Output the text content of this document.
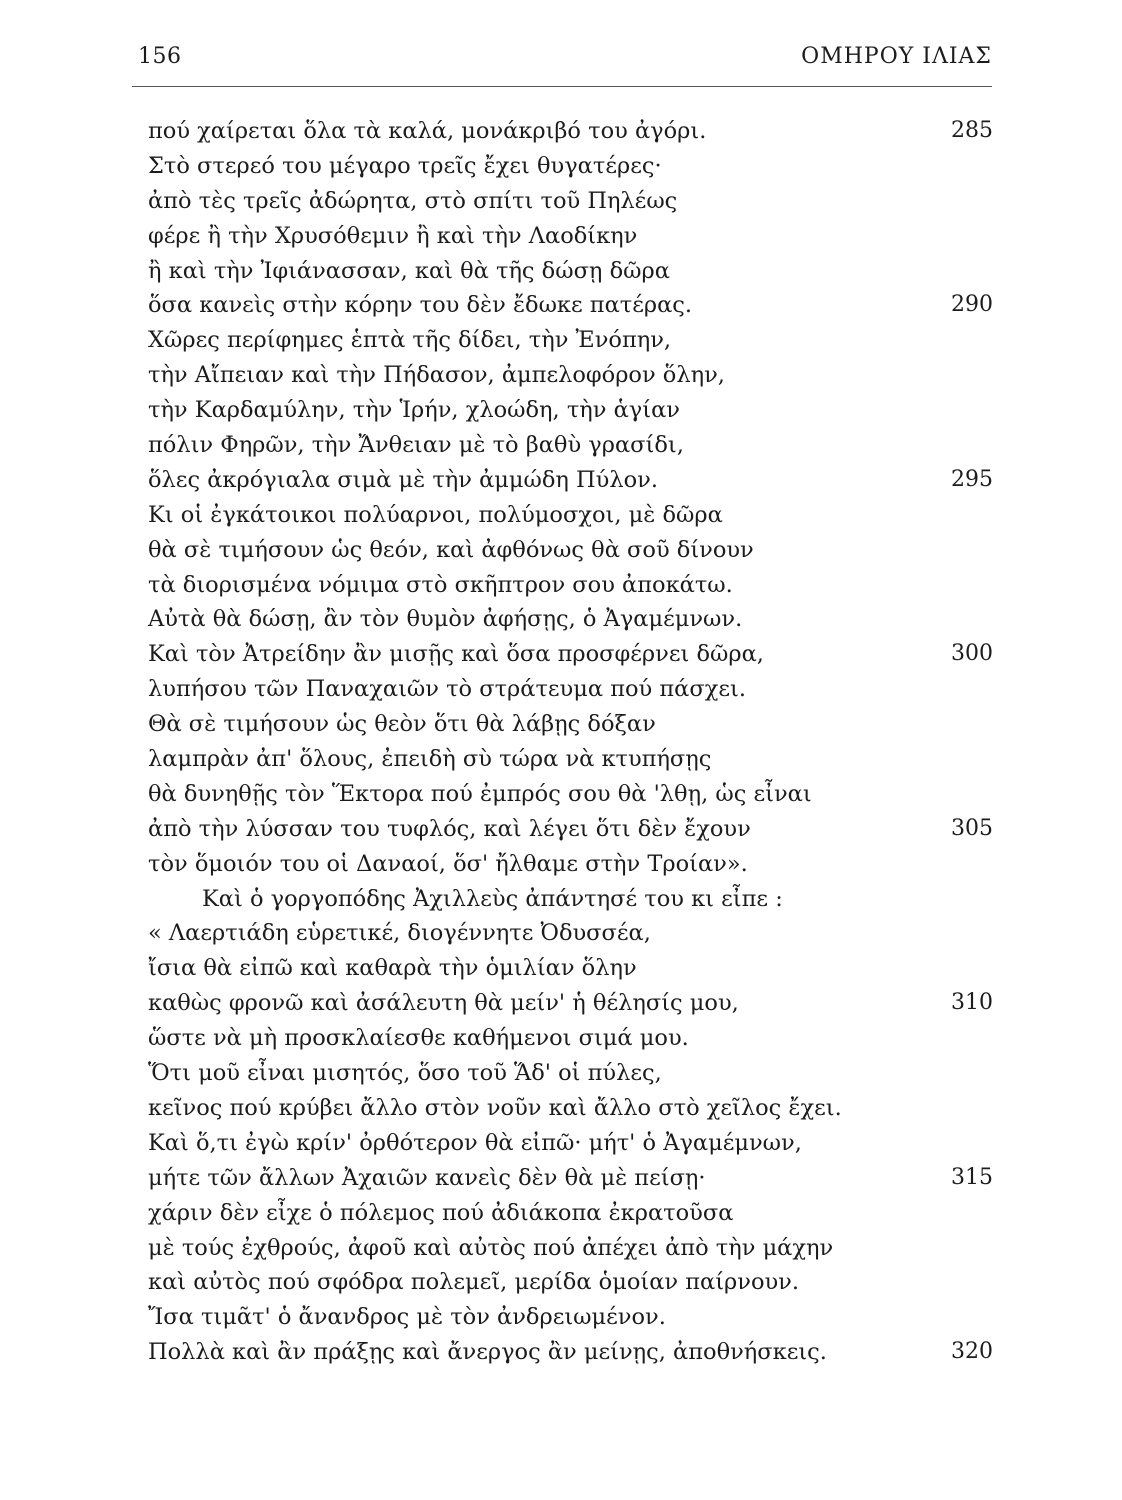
156	ΟΜΗΡΟΥ ΙΛΙΑΣ
πού χαίρεται ὅλα τὰ καλά, μονάκριβό του ἀγόρι.	285
Στὸ στερεό του μέγαρο τρεῖς ἔχει θυγατέρες·
ἀπὸ τὲς τρεῖς ἀδώρητα, στὸ σπίτι τοῦ Πηλέως
φέρε ἢ τὴν Χρυσόθεμιν ἢ καὶ τὴν Λαοδίκην
ἢ καὶ τὴν Ἰφιάνασσαν, καὶ θὰ τῆς δώσῃ δῶρα
ὅσα κανεὶς στὴν κόρην του δὲν ἔδωκε πατέρας.	290
Χῶρες περίφημες ἑπτὰ τῆς δίδει, τὴν Ἐνόπην,
τὴν Αἴπειαν καὶ τὴν Πήδασον, ἀμπελοφόρον ὅλην,
τὴν Καρδαμύλην, τὴν Ἱρήν, χλοώδη, τὴν ἁγίαν
πόλιν Φηρῶν, τὴν Ἄνθειαν μὲ τὸ βαθὺ γρασίδι,
ὅλες ἀκρόγιαλα σιμὰ μὲ τὴν ἀμμώδη Πύλον.	295
Κι οἱ ἐγκάτοικοι πολύαρνοι, πολύμοσχοι, μὲ δῶρα
θὰ σὲ τιμήσουν ὡς θεόν, καὶ ἀφθόνως θὰ σοῦ δίνουν
τὰ διορισμένα νόμιμα στὸ σκῆπτρον σου ἀποκάτω.
Αὐτὰ θὰ δώσῃ, ἂν τὸν θυμὸν ἀφήσῃς, ὁ Ἀγαμέμνων.
Καὶ τὸν Ἀτρείδην ἂν μισῇς καὶ ὅσα προσφέρνει δῶρα,	300
λυπήσου τῶν Παναχαιῶν τὸ στράτευμα πού πάσχει.
Θὰ σὲ τιμήσουν ὡς θεὸν ὅτι θὰ λάβῃς δόξαν
λαμπρὰν ἀπ' ὅλους, ἐπειδὴ σὺ τώρα νὰ κτυπήσῃς
θὰ δυνηθῇς τὸν Ἕκτορα πού ἐμπρός σου θὰ 'λθῃ, ὡς εἶναι
ἀπὸ τὴν λύσσαν του τυφλός, καὶ λέγει ὅτι δὲν ἔχουν	305
τὸν ὅμοιόν του οἱ Δαναοί, ὅσ' ἤλθαμε στὴν Τροίαν».
Καὶ ὁ γοργοπόδης Ἀχιλλεὺς ἀπάντησέ του κι εἶπε :
« Λαερτιάδη εὑρετικέ, διογέννητε Ὀδυσσέα,
ἴσια θὰ εἰπῶ καὶ καθαρὰ τὴν ὁμιλίαν ὅλην
καθὼς φρονῶ καὶ ἀσάλευτη θὰ μείν' ἡ θέλησίς μου,	310
ὥστε νὰ μὴ προσκλαίεσθε καθήμενοι σιμά μου.
Ὅτι μοῦ εἶναι μισητός, ὅσο τοῦ Ἅδ' οἱ πύλες,
κεῖνος πού κρύβει ἄλλο στὸν νοῦν καὶ ἄλλο στὸ χεῖλος ἔχει.
Καὶ ὅ,τι ἐγὼ κρίν' ὀρθότερον θὰ εἰπῶ· μήτ' ὁ Ἀγαμέμνων,
μήτε τῶν ἄλλων Ἀχαιῶν κανεὶς δὲν θὰ μὲ πείσῃ·	315
χάριν δὲν εἶχε ὁ πόλεμος πού ἀδιάκοπα ἐκρατοῦσα
μὲ τούς ἐχθρούς, ἀφοῦ καὶ αὐτὸς πού ἀπέχει ἀπὸ τὴν μάχην
καὶ αὐτὸς πού σφόδρα πολεμεῖ, μερίδα ὁμοίαν παίρνουν.
Ἴσα τιμᾶτ' ὁ ἄνανδρος μὲ τὸν ἀνδρειωμένον.
Πολλὰ καὶ ἂν πράξῃς καὶ ἄνεργος ἂν μείνῃς, ἀποθνήσκεις.	320
